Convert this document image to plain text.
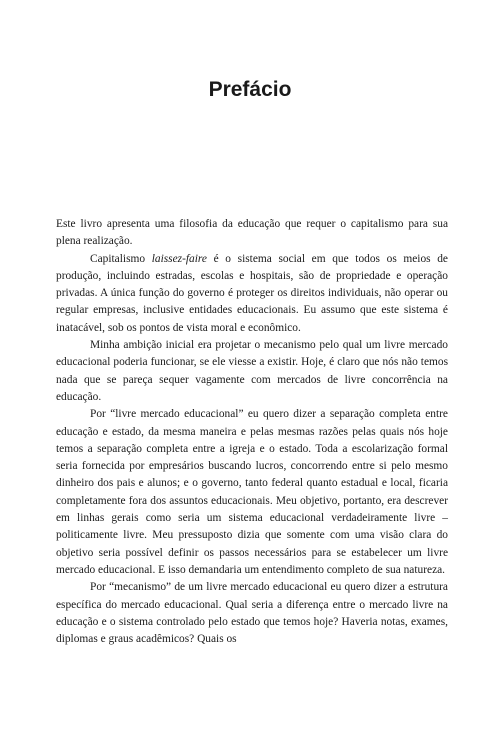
Prefácio

Este livro apresenta uma filosofia da educação que requer o capitalismo para sua plena realização.

Capitalismo laissez-faire é o sistema social em que todos os meios de produção, incluindo estradas, escolas e hospitais, são de propriedade e operação privadas. A única função do governo é proteger os direitos individuais, não operar ou regular empresas, inclusive entidades educacionais. Eu assumo que este sistema é inatacável, sob os pontos de vista moral e econômico.

Minha ambição inicial era projetar o mecanismo pelo qual um livre mercado educacional poderia funcionar, se ele viesse a existir. Hoje, é claro que nós não temos nada que se pareça sequer vagamente com mercados de livre concorrência na educação.

Por “livre mercado educacional” eu quero dizer a separação completa entre educação e estado, da mesma maneira e pelas mesmas razões pelas quais nós hoje temos a separação completa entre a igreja e o estado. Toda a escolarização formal seria fornecida por empresários buscando lucros, concorrendo entre si pelo mesmo dinheiro dos pais e alunos; e o governo, tanto federal quanto estadual e local, ficaria completamente fora dos assuntos educacionais. Meu objetivo, portanto, era descrever em linhas gerais como seria um sistema educacional verdadeiramente livre – politicamente livre. Meu pressuposto dizia que somente com uma visão clara do objetivo seria possível definir os passos necessários para se estabelecer um livre mercado educacional. E isso demandaria um entendimento completo de sua natureza.

Por “mecanismo” de um livre mercado educacional eu quero dizer a estrutura específica do mercado educacional. Qual seria a diferença entre o mercado livre na educação e o sistema controlado pelo estado que temos hoje? Haveria notas, exames, diplomas e graus acadêmicos? Quais os
